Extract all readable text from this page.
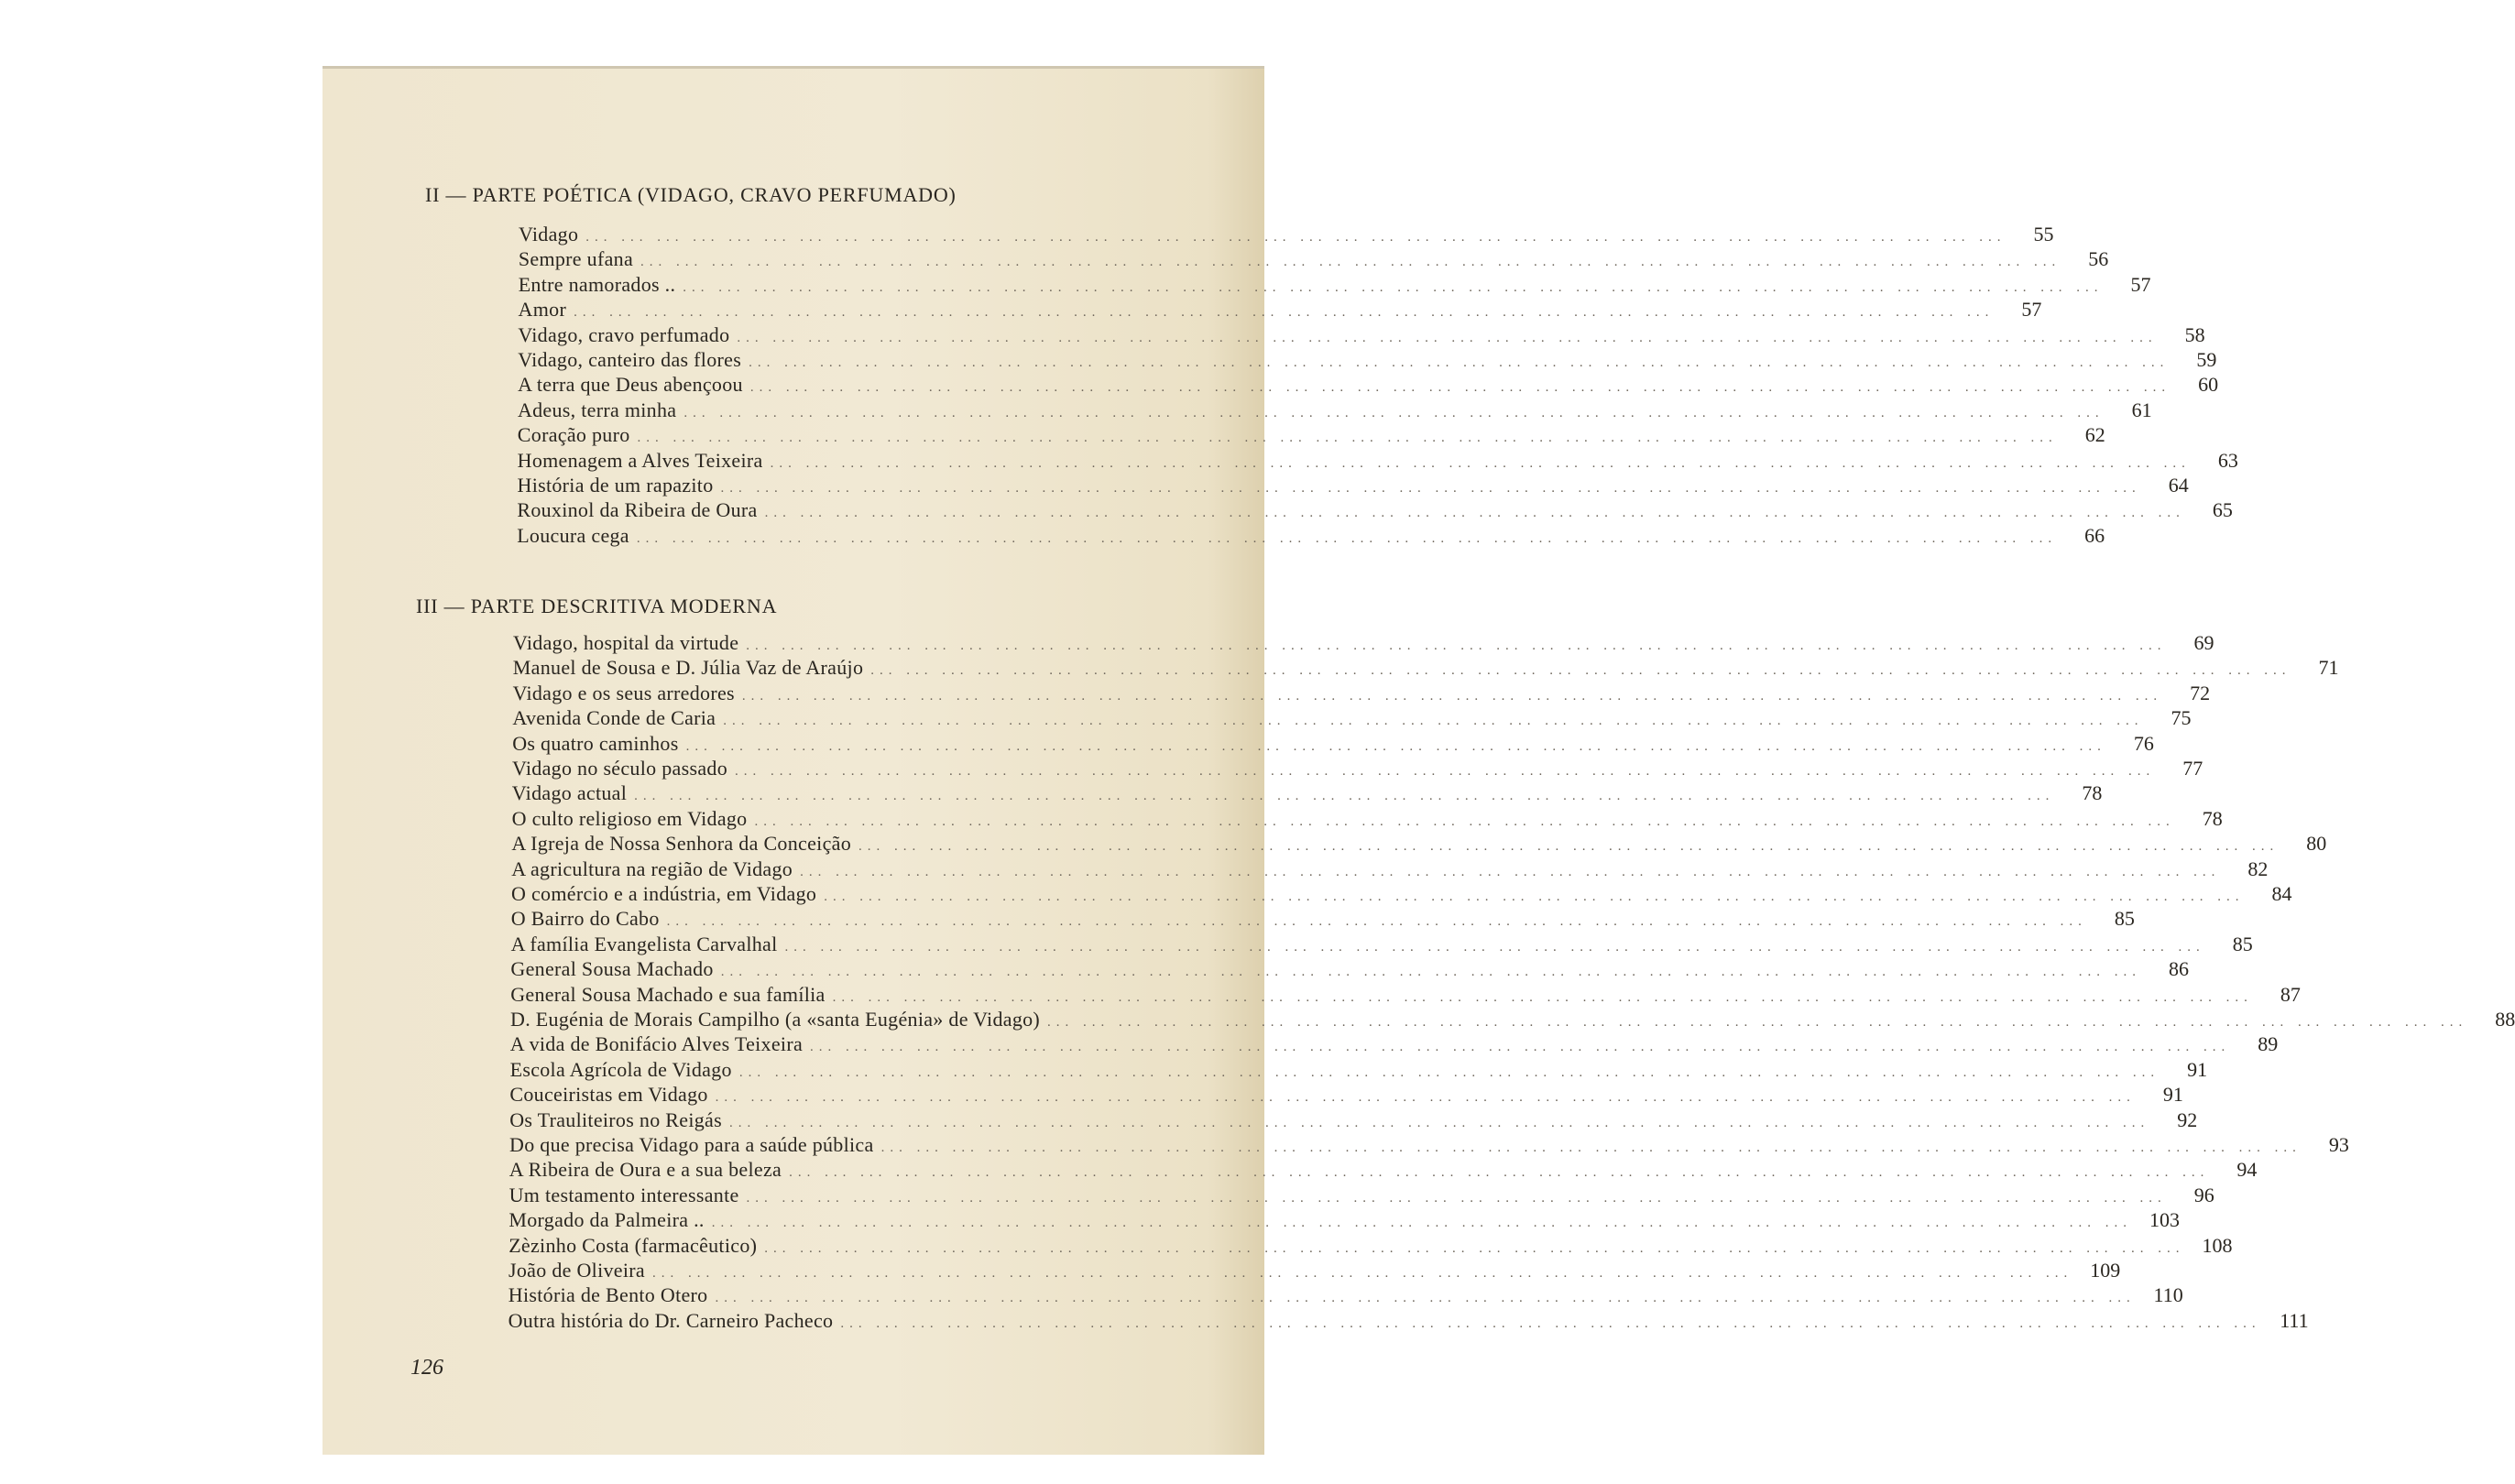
II — PARTE POÉTICA (VIDAGO, CRAVO PERFUMADO)
Vidago ... ... ... ... ... ... ... ... ... ... ... ... ... ... ... ... ... ... ... ... ... ... ... ... ... ... ... ... ... ... ... ... ... ... ... ... ... ... ... ...	55
Sempre ufana ... ... ... ... ... ... ... ... ... ... ... ... ... ... ... ... ... ... ... ... ... ... ... ... ... ... ... ... ... ... ... ... ... ... ... ... ... ... ... ...	56
Entre namorados .. ... ... ... ... ... ... ... ... ... ... ... ... ... ... ... ... ... ... ... ... ... ... ... ... ... ... ... ... ... ... ... ... ... ... ... ... ... ... ... ...	57
Amor ... ... ... ... ... ... ... ... ... ... ... ... ... ... ... ... ... ... ... ... ... ... ... ... ... ... ... ... ... ... ... ... ... ... ... ... ... ... ... ...	57
Vidago, cravo perfumado ... ... ... ... ... ... ... ... ... ... ... ... ... ... ... ... ... ... ... ... ... ... ... ... ... ... ... ... ... ... ... ... ... ... ... ... ... ... ... ...	58
Vidago, canteiro das flores ... ... ... ... ... ... ... ... ... ... ... ... ... ... ... ... ... ... ... ... ... ... ... ... ... ... ... ... ... ... ... ... ... ... ... ... ... ... ... ...	59
A terra que Deus abençoou ... ... ... ... ... ... ... ... ... ... ... ... ... ... ... ... ... ... ... ... ... ... ... ... ... ... ... ... ... ... ... ... ... ... ... ... ... ... ... ...	60
Adeus, terra minha ... ... ... ... ... ... ... ... ... ... ... ... ... ... ... ... ... ... ... ... ... ... ... ... ... ... ... ... ... ... ... ... ... ... ... ... ... ... ... ...	61
Coração puro ... ... ... ... ... ... ... ... ... ... ... ... ... ... ... ... ... ... ... ... ... ... ... ... ... ... ... ... ... ... ... ... ... ... ... ... ... ... ... ...	62
Homenagem a Alves Teixeira ... ... ... ... ... ... ... ... ... ... ... ... ... ... ... ... ... ... ... ... ... ... ... ... ... ... ... ... ... ... ... ... ... ... ... ... ... ... ... ...	63
História de um rapazito ... ... ... ... ... ... ... ... ... ... ... ... ... ... ... ... ... ... ... ... ... ... ... ... ... ... ... ... ... ... ... ... ... ... ... ... ... ... ... ...	64
Rouxinol da Ribeira de Oura ... ... ... ... ... ... ... ... ... ... ... ... ... ... ... ... ... ... ... ... ... ... ... ... ... ... ... ... ... ... ... ... ... ... ... ... ... ... ... ...	65
Loucura cega ... ... ... ... ... ... ... ... ... ... ... ... ... ... ... ... ... ... ... ... ... ... ... ... ... ... ... ... ... ... ... ... ... ... ... ... ... ... ... ...	66
III — PARTE DESCRITIVA MODERNA
Vidago, hospital da virtude ... ... ... ... ... ... ... ... ... ... ... ... ... ... ... ... ... ... ... ... ... ... ... ... ... ... ... ... ... ... ... ... ... ... ... ... ... ... ... ...	69
Manuel de Sousa e D. Júlia Vaz de Araújo ... ... ... ... ... ... ... ... ... ... ... ... ... ... ... ... ... ... ... ... ... ... ... ... ... ... ... ... ... ... ... ... ... ... ... ... ... ... ... ...	71
Vidago e os seus arredores ... ... ... ... ... ... ... ... ... ... ... ... ... ... ... ... ... ... ... ... ... ... ... ... ... ... ... ... ... ... ... ... ... ... ... ... ... ... ... ...	72
Avenida Conde de Caria ... ... ... ... ... ... ... ... ... ... ... ... ... ... ... ... ... ... ... ... ... ... ... ... ... ... ... ... ... ... ... ... ... ... ... ... ... ... ... ...	75
Os quatro caminhos ... ... ... ... ... ... ... ... ... ... ... ... ... ... ... ... ... ... ... ... ... ... ... ... ... ... ... ... ... ... ... ... ... ... ... ... ... ... ... ...	76
Vidago no século passado ... ... ... ... ... ... ... ... ... ... ... ... ... ... ... ... ... ... ... ... ... ... ... ... ... ... ... ... ... ... ... ... ... ... ... ... ... ... ... ...	77
Vidago actual ... ... ... ... ... ... ... ... ... ... ... ... ... ... ... ... ... ... ... ... ... ... ... ... ... ... ... ... ... ... ... ... ... ... ... ... ... ... ... ...	78
O culto religioso em Vidago ... ... ... ... ... ... ... ... ... ... ... ... ... ... ... ... ... ... ... ... ... ... ... ... ... ... ... ... ... ... ... ... ... ... ... ... ... ... ... ...	78
A Igreja de Nossa Senhora da Conceição ... ... ... ... ... ... ... ... ... ... ... ... ... ... ... ... ... ... ... ... ... ... ... ... ... ... ... ... ... ... ... ... ... ... ... ... ... ... ... ...	80
A agricultura na região de Vidago ... ... ... ... ... ... ... ... ... ... ... ... ... ... ... ... ... ... ... ... ... ... ... ... ... ... ... ... ... ... ... ... ... ... ... ... ... ... ... ...	82
O comércio e a indústria, em Vidago ... ... ... ... ... ... ... ... ... ... ... ... ... ... ... ... ... ... ... ... ... ... ... ... ... ... ... ... ... ... ... ... ... ... ... ... ... ... ... ...	84
O Bairro do Cabo ... ... ... ... ... ... ... ... ... ... ... ... ... ... ... ... ... ... ... ... ... ... ... ... ... ... ... ... ... ... ... ... ... ... ... ... ... ... ... ...	85
A família Evangelista Carvalhal ... ... ... ... ... ... ... ... ... ... ... ... ... ... ... ... ... ... ... ... ... ... ... ... ... ... ... ... ... ... ... ... ... ... ... ... ... ... ... ...	85
General Sousa Machado ... ... ... ... ... ... ... ... ... ... ... ... ... ... ... ... ... ... ... ... ... ... ... ... ... ... ... ... ... ... ... ... ... ... ... ... ... ... ... ...	86
General Sousa Machado e sua família ... ... ... ... ... ... ... ... ... ... ... ... ... ... ... ... ... ... ... ... ... ... ... ... ... ... ... ... ... ... ... ... ... ... ... ... ... ... ... ...	87
D. Eugénia de Morais Campilho (a «santa Eugénia» de Vidago) ... ... ... ... ... ... ... ... ... ... ... ... ... ... ... ... ... ... ... ... ... ... ... ... ... ... ... ... ... ... ... ... ... ... ... ... ... ... ... ...	88
A vida de Bonifácio Alves Teixeira ... ... ... ... ... ... ... ... ... ... ... ... ... ... ... ... ... ... ... ... ... ... ... ... ... ... ... ... ... ... ... ... ... ... ... ... ... ... ... ...	89
Escola Agrícola de Vidago ... ... ... ... ... ... ... ... ... ... ... ... ... ... ... ... ... ... ... ... ... ... ... ... ... ... ... ... ... ... ... ... ... ... ... ... ... ... ... ...	91
Couceiristas em Vidago ... ... ... ... ... ... ... ... ... ... ... ... ... ... ... ... ... ... ... ... ... ... ... ... ... ... ... ... ... ... ... ... ... ... ... ... ... ... ... ...	91
Os Trauliteiros no Reigás ... ... ... ... ... ... ... ... ... ... ... ... ... ... ... ... ... ... ... ... ... ... ... ... ... ... ... ... ... ... ... ... ... ... ... ... ... ... ... ...	92
Do que precisa Vidago para a saúde pública ... ... ... ... ... ... ... ... ... ... ... ... ... ... ... ... ... ... ... ... ... ... ... ... ... ... ... ... ... ... ... ... ... ... ... ... ... ... ... ...	93
A Ribeira de Oura e a sua beleza ... ... ... ... ... ... ... ... ... ... ... ... ... ... ... ... ... ... ... ... ... ... ... ... ... ... ... ... ... ... ... ... ... ... ... ... ... ... ... ...	94
Um testamento interessante ... ... ... ... ... ... ... ... ... ... ... ... ... ... ... ... ... ... ... ... ... ... ... ... ... ... ... ... ... ... ... ... ... ... ... ... ... ... ... ...	96
Morgado da Palmeira .. ... ... ... ... ... ... ... ... ... ... ... ... ... ... ... ... ... ... ... ... ... ... ... ... ... ... ... ... ... ... ... ... ... ... ... ... ... ... ... ... 103
Zèzinho Costa (farmacêutico) ... ... ... ... ... ... ... ... ... ... ... ... ... ... ... ... ... ... ... ... ... ... ... ... ... ... ... ... ... ... ... ... ... ... ... ... ... ... ... ... 108
João de Oliveira ... ... ... ... ... ... ... ... ... ... ... ... ... ... ... ... ... ... ... ... ... ... ... ... ... ... ... ... ... ... ... ... ... ... ... ... ... ... ... ... 109
História de Bento Otero ... ... ... ... ... ... ... ... ... ... ... ... ... ... ... ... ... ... ... ... ... ... ... ... ... ... ... ... ... ... ... ... ... ... ... ... ... ... ... ... 110
Outra história do Dr. Carneiro Pacheco ... ... ... ... ... ... ... ... ... ... ... ... ... ... ... ... ... ... ... ... ... ... ... ... ... ... ... ... ... ... ... ... ... ... ... ... ... ... ... ... 111
126
